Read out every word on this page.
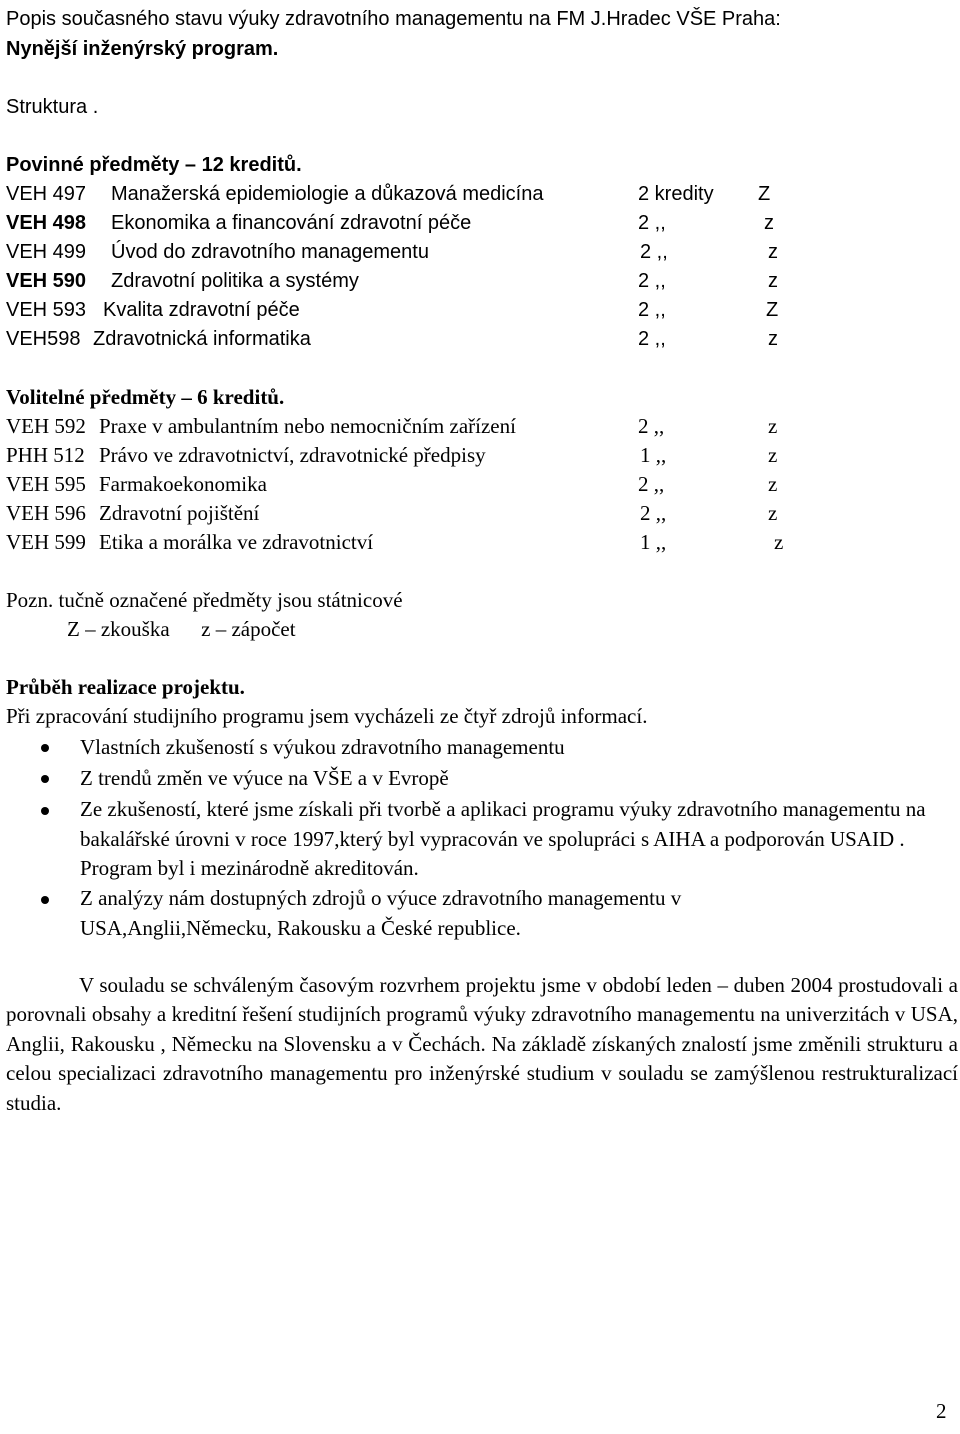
Popis současného stavu výuky zdravotního managementu na FM J.Hradec VŠE Praha:
Nynější inženýrský program.
Struktura .
Povinné předměty – 12 kreditů.
VEH 497 Manažerská epidemiologie a důkazová medicína	2 kredity Z
VEH 498 Ekonomika a financování zdravotní péče	2 ,,	z
VEH 499 Úvod do zdravotního managementu	2 ,,	z
VEH 590 Zdravotní politika a systémy	2 ,,	z
VEH 593 Kvalita zdravotní péče	2 ,,	Z
VEH598 Zdravotnická informatika	2 ,,	z
Volitelné předměty – 6 kreditů.
VEH 592 Praxe v ambulantním nebo nemocničním zařízení	2 ,,	z
PHH 512 Právo ve zdravotnictví, zdravotnické předpisy	1 ,,	z
VEH 595 Farmakoekonomika	2 ,,	z
VEH 596 Zdravotní pojištění	2 ,,	z
VEH 599 Etika a morálka ve zdravotnictví	1 ,,	z
Pozn. tučně označené předměty jsou státnicové
Z – zkouška      z – zápočet
Průběh realizace projektu.
Při zpracování studijního programu jsem vycházeli ze čtyř zdrojů informací.
Vlastních zkušeností s výukou zdravotního managementu
Z trendů změn ve výuce na VŠE a v Evropě
Ze zkušeností, které jsme získali při tvorbě a aplikaci programu výuky zdravotního managementu na bakalářské úrovni v roce 1997,který byl vypracován ve spolupráci s AIHA a podporován USAID . Program byl i mezinárodně akreditován.
Z analýzy nám dostupných zdrojů o výuce zdravotního managementu v USA,Anglii,Německu, Rakousku a České republice.
V souladu se schváleným časovým rozvrhem projektu jsme v období leden – duben 2004 prostudovali a porovnali obsahy a kreditní řešení studijních programů výuky zdravotního managementu na univerzitách v USA, Anglii, Rakousku , Německu na Slovensku a v Čechách. Na základě získaných znalostí jsme změnili strukturu a celou specializaci zdravotního managementu pro inženýrské studium v souladu se zamýšlenou restrukturalizací studia.
2
